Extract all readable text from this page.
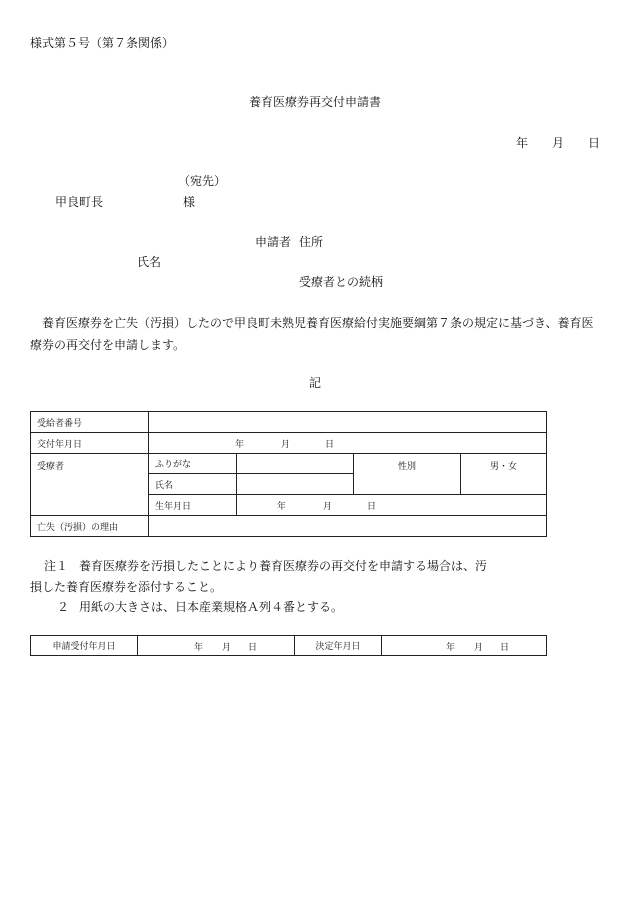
様式第５号（第７条関係）
養育医療券再交付申請書
年 月 日
（宛先）
甲良町長	様
申請者 住所
氏名
受療者との続柄
養育医療券を亡失（汚損）したので甲良町未熟児養育医療給付実施要綱第７条の規定に基づき、養育医療券の再交付を申請します。
記
受給者番号				
交付年月日	年 月 日			

受療者	ふりがな		性別	男・女
	氏名			
	生年月日	年 月 日		

亡失（汚損）の理由				
注１ 養育医療券を汚損したことにより養育医療券の再交付を申請する場合は、汚
損した養育医療券を添付すること。
２ 用紙の大きさは、日本産業規格Ａ列４番とする。
申請受付年月日	年 月 日	決定年月日	年 月 日
